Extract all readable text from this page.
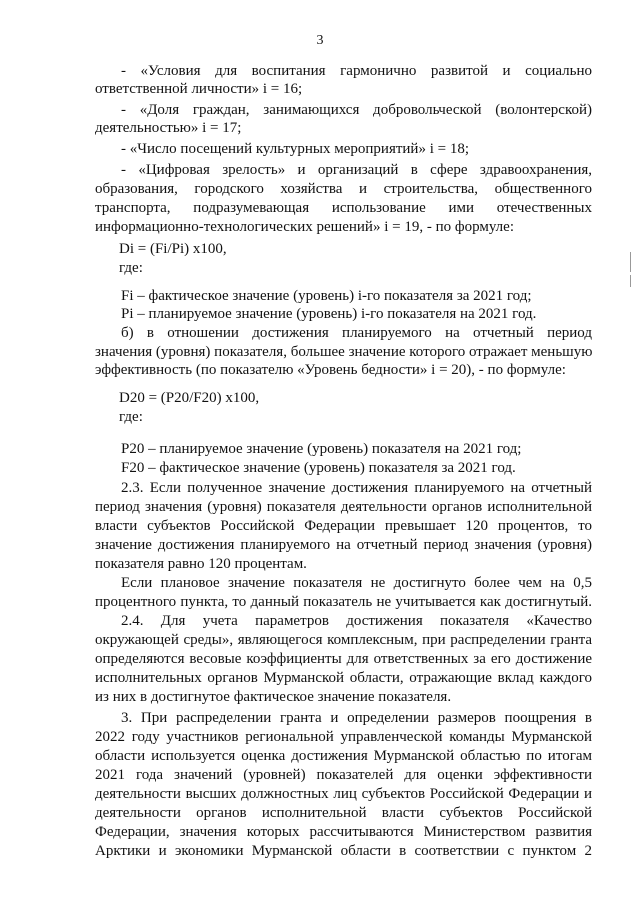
3
- «Условия для воспитания гармонично развитой и социально
ответственной личности» i = 16;
- «Доля граждан, занимающихся добровольческой (волонтерской)
деятельностью» i = 17;
- «Число посещений культурных мероприятий» i = 18;
- «Цифровая зрелость» и организаций в сфере здравоохранения,
образования, городского хозяйства и строительства, общественного
транспорта, подразумевающая использование ими отечественных
информационно-технологических решений» i = 19, - по формуле:
Di = (Fi/Pi) х100,
где:
Fi – фактическое значение (уровень) i-го показателя за 2021 год;
Pi – планируемое значение (уровень) i-го показателя на 2021 год.
б) в отношении достижения планируемого на отчетный период
значения (уровня) показателя, большее значение которого отражает меньшую
эффективность (по показателю «Уровень бедности» i = 20), - по формуле:
D20 = (P20/F20) х100,
где:
P20 – планируемое значение (уровень) показателя на 2021 год;
F20 – фактическое значение (уровень) показателя за 2021 год.
2.3. Если полученное значение достижения планируемого на отчетный
период значения (уровня) показателя деятельности органов исполнительной
власти субъектов Российской Федерации превышает 120 процентов, то
значение достижения планируемого на отчетный период значения (уровня)
показателя равно 120 процентам.
Если плановое значение показателя не достигнуто более чем на 0,5
процентного пункта, то данный показатель не учитывается как достигнутый.
2.4. Для учета параметров достижения показателя «Качество
окружающей среды», являющегося комплексным, при распределении гранта
определяются весовые коэффициенты для ответственных за его достижение
исполнительных органов Мурманской области, отражающие вклад каждого
из них в достигнутое фактическое значение показателя.
3. При распределении гранта и определении размеров поощрения в
2022 году участников региональной управленческой команды Мурманской
области используется оценка достижения Мурманской областью по итогам
2021 года значений (уровней) показателей для оценки эффективности
деятельности высших должностных лиц субъектов Российской Федерации и
деятельности органов исполнительной власти субъектов Российской
Федерации, значения которых рассчитываются Министерством развития
Арктики и экономики Мурманской области в соответствии с пунктом 2
